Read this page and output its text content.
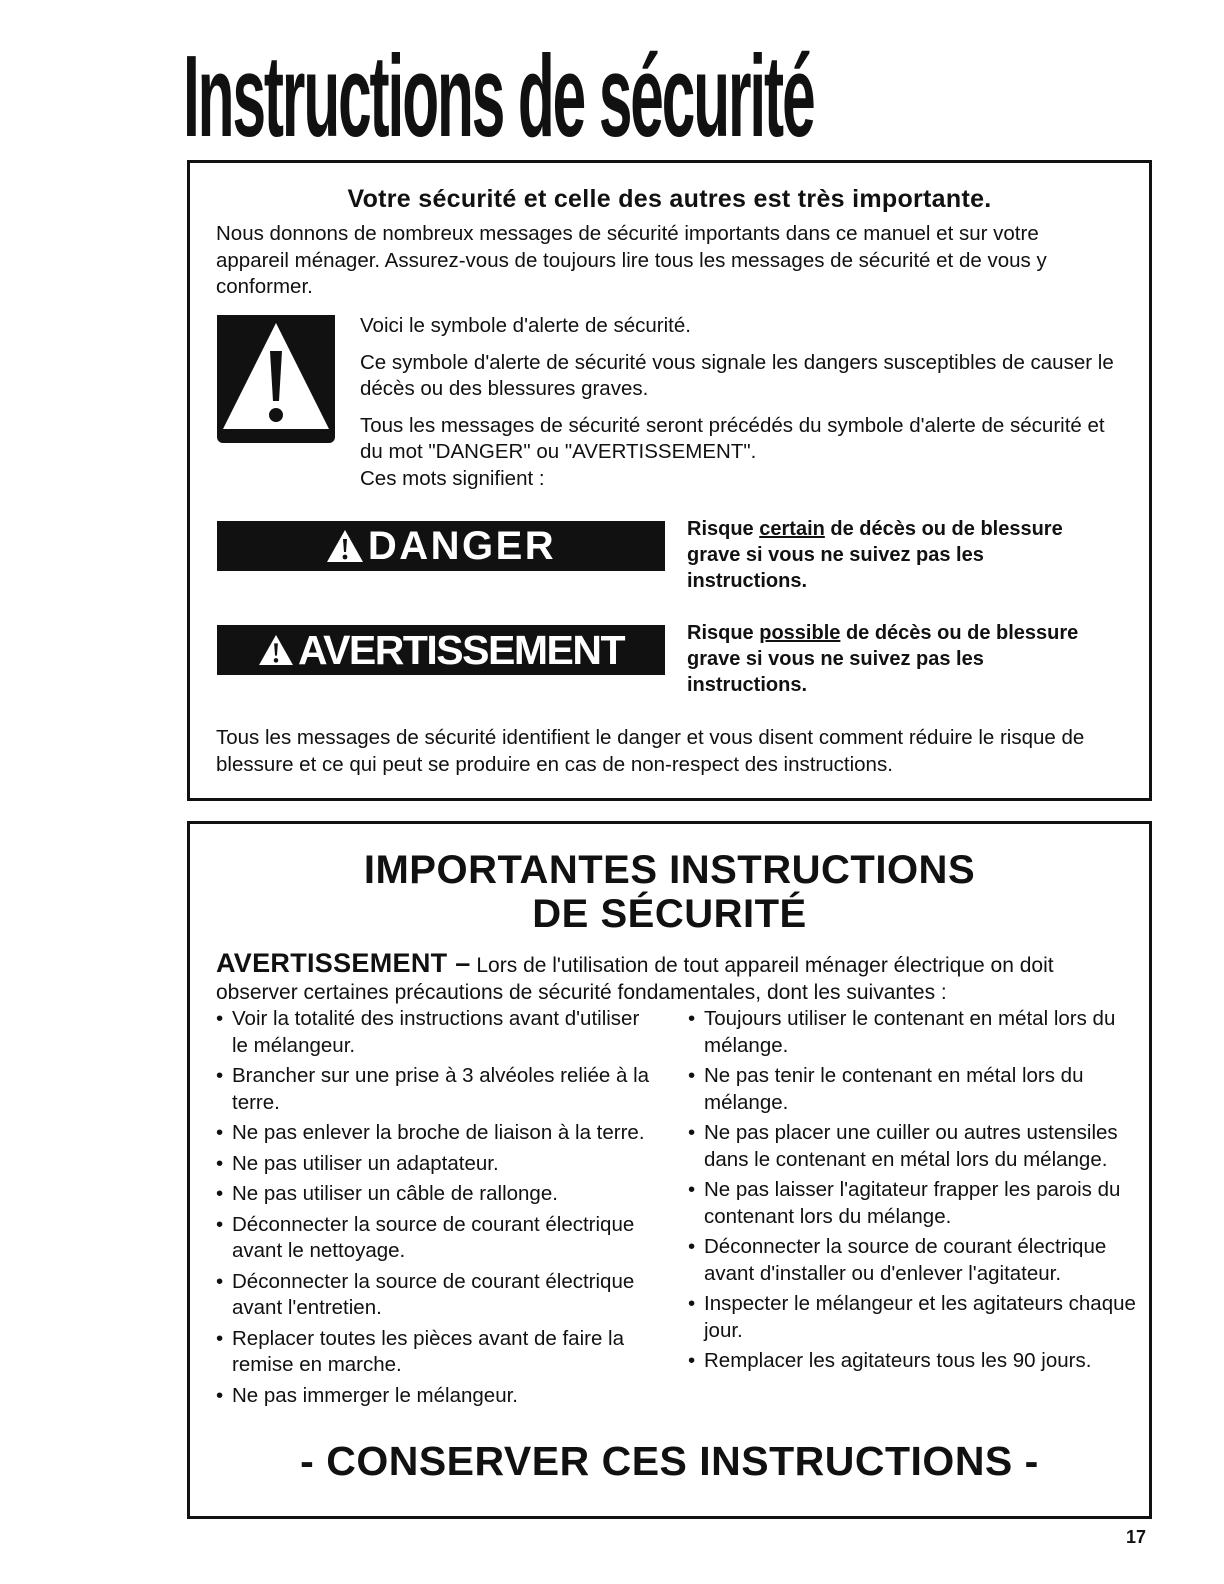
Instructions de sécurité
Votre sécurité et celle des autres est très importante.

Nous donnons de nombreux messages de sécurité importants dans ce manuel et sur votre appareil ménager. Assurez-vous de toujours lire tous les messages de sécurité et de vous y conformer.

Voici le symbole d'alerte de sécurité.

Ce symbole d'alerte de sécurité vous signale les dangers susceptibles de causer le décès ou des blessures graves.

Tous les messages de sécurité seront précédés du symbole d'alerte de sécurité et du mot "DANGER" ou "AVERTISSEMENT".

Ces mots signifient :

DANGER	Risque certain de décès ou de blessure grave si vous ne suivez pas les instructions.

AVERTISSEMENT	Risque possible de décès ou de blessure grave si vous ne suivez pas les instructions.

Tous les messages de sécurité identifient le danger et vous disent comment réduire le risque de blessure et ce qui peut se produire en cas de non-respect des instructions.

IMPORTANTES INSTRUCTIONS
DE SÉCURITÉ

AVERTISSEMENT – Lors de l'utilisation de tout appareil ménager électrique on doit observer certaines précautions de sécurité fondamentales, dont les suivantes :

• Voir la totalité des instructions avant d'utiliser le mélangeur.
• Brancher sur une prise à 3 alvéoles reliée à la terre.
• Ne pas enlever la broche de liaison à la terre.
• Ne pas utiliser un adaptateur.
• Ne pas utiliser un câble de rallonge.
• Déconnecter la source de courant électrique avant le nettoyage.
• Déconnecter la source de courant électrique avant l'entretien.
• Replacer toutes les pièces avant de faire la remise en marche.
• Ne pas immerger le mélangeur.
• Toujours utiliser le contenant en métal lors du mélange.
• Ne pas tenir le contenant en métal lors du mélange.
• Ne pas placer une cuiller ou autres ustensiles dans le contenant en métal lors du mélange.
• Ne pas laisser l'agitateur frapper les parois du contenant lors du mélange.
• Déconnecter la source de courant électrique avant d'installer ou d'enlever l'agitateur.
• Inspecter le mélangeur et les agitateurs chaque jour.
• Remplacer les agitateurs tous les 90 jours.

- CONSERVER CES INSTRUCTIONS -

17
